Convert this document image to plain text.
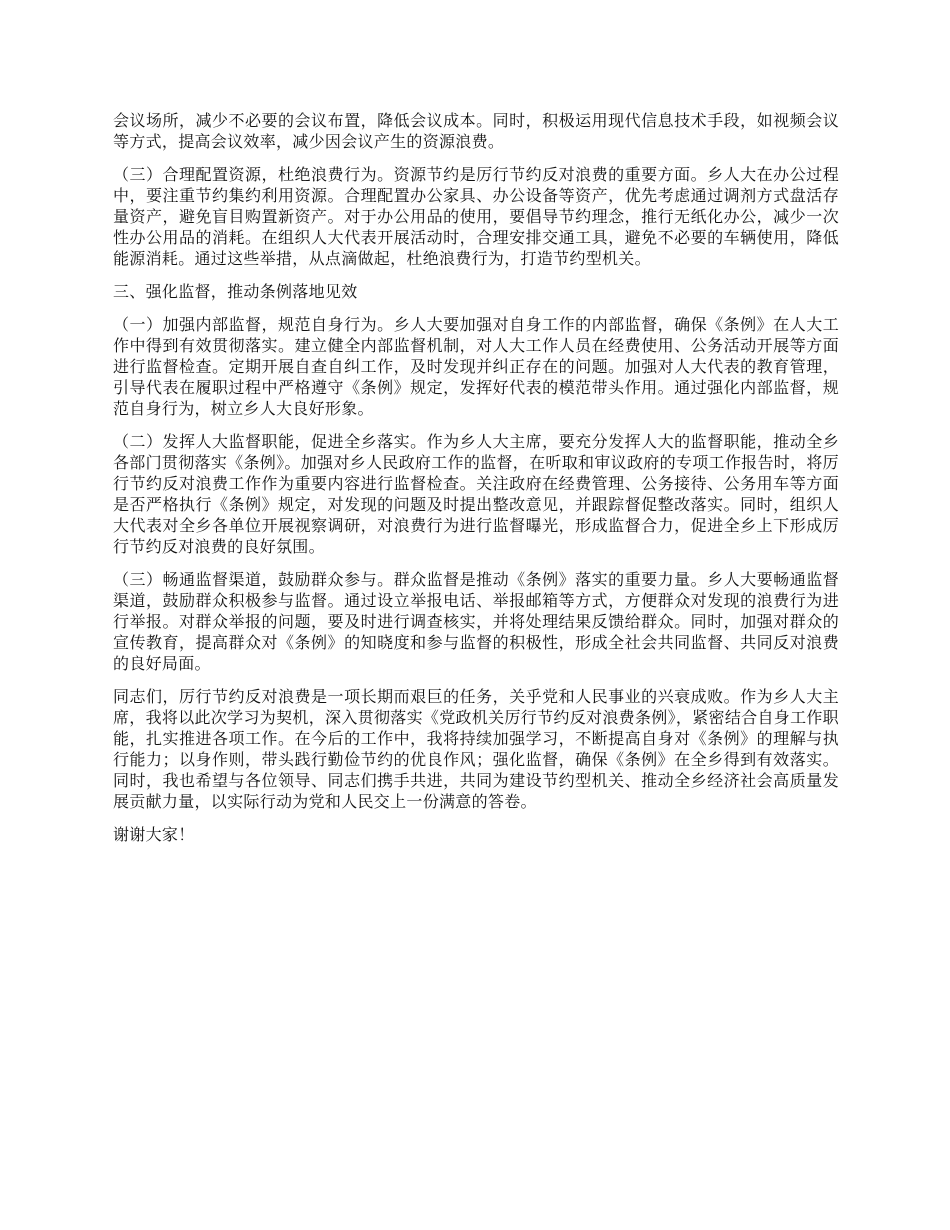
会议场所，减少不必要的会议布置，降低会议成本。同时，积极运用现代信息技术手段，如视频会议等方式，提高会议效率，减少因会议产生的资源浪费。

（三）合理配置资源，杜绝浪费行为。资源节约是厉行节约反对浪费的重要方面。乡人大在办公过程中，要注重节约集约利用资源。合理配置办公家具、办公设备等资产，优先考虑通过调剂方式盘活存量资产，避免盲目购置新资产。对于办公用品的使用，要倡导节约理念，推行无纸化办公，减少一次性办公用品的消耗。在组织人大代表开展活动时，合理安排交通工具，避免不必要的车辆使用，降低能源消耗。通过这些举措，从点滴做起，杜绝浪费行为，打造节约型机关。

三、强化监督，推动条例落地见效

（一）加强内部监督，规范自身行为。乡人大要加强对自身工作的内部监督，确保《条例》在人大工作中得到有效贯彻落实。建立健全内部监督机制，对人大工作人员在经费使用、公务活动开展等方面进行监督检查。定期开展自查自纠工作，及时发现并纠正存在的问题。加强对人大代表的教育管理，引导代表在履职过程中严格遵守《条例》规定，发挥好代表的模范带头作用。通过强化内部监督，规范自身行为，树立乡人大良好形象。

（二）发挥人大监督职能，促进全乡落实。作为乡人大主席，要充分发挥人大的监督职能，推动全乡各部门贯彻落实《条例》。加强对乡人民政府工作的监督，在听取和审议政府的专项工作报告时，将厉行节约反对浪费工作作为重要内容进行监督检查。关注政府在经费管理、公务接待、公务用车等方面是否严格执行《条例》规定，对发现的问题及时提出整改意见，并跟踪督促整改落实。同时，组织人大代表对全乡各单位开展视察调研，对浪费行为进行监督曝光，形成监督合力，促进全乡上下形成厉行节约反对浪费的良好氛围。

（三）畅通监督渠道，鼓励群众参与。群众监督是推动《条例》落实的重要力量。乡人大要畅通监督渠道，鼓励群众积极参与监督。通过设立举报电话、举报邮箱等方式，方便群众对发现的浪费行为进行举报。对群众举报的问题，要及时进行调查核实，并将处理结果反馈给群众。同时，加强对群众的宣传教育，提高群众对《条例》的知晓度和参与监督的积极性，形成全社会共同监督、共同反对浪费的良好局面。

同志们，厉行节约反对浪费是一项长期而艰巨的任务，关乎党和人民事业的兴衰成败。作为乡人大主席，我将以此次学习为契机，深入贯彻落实《党政机关厉行节约反对浪费条例》，紧密结合自身工作职能，扎实推进各项工作。在今后的工作中，我将持续加强学习，不断提高自身对《条例》的理解与执行能力；以身作则，带头践行勤俭节约的优良作风；强化监督，确保《条例》在全乡得到有效落实。同时，我也希望与各位领导、同志们携手共进，共同为建设节约型机关、推动全乡经济社会高质量发展贡献力量，以实际行动为党和人民交上一份满意的答卷。

谢谢大家！
